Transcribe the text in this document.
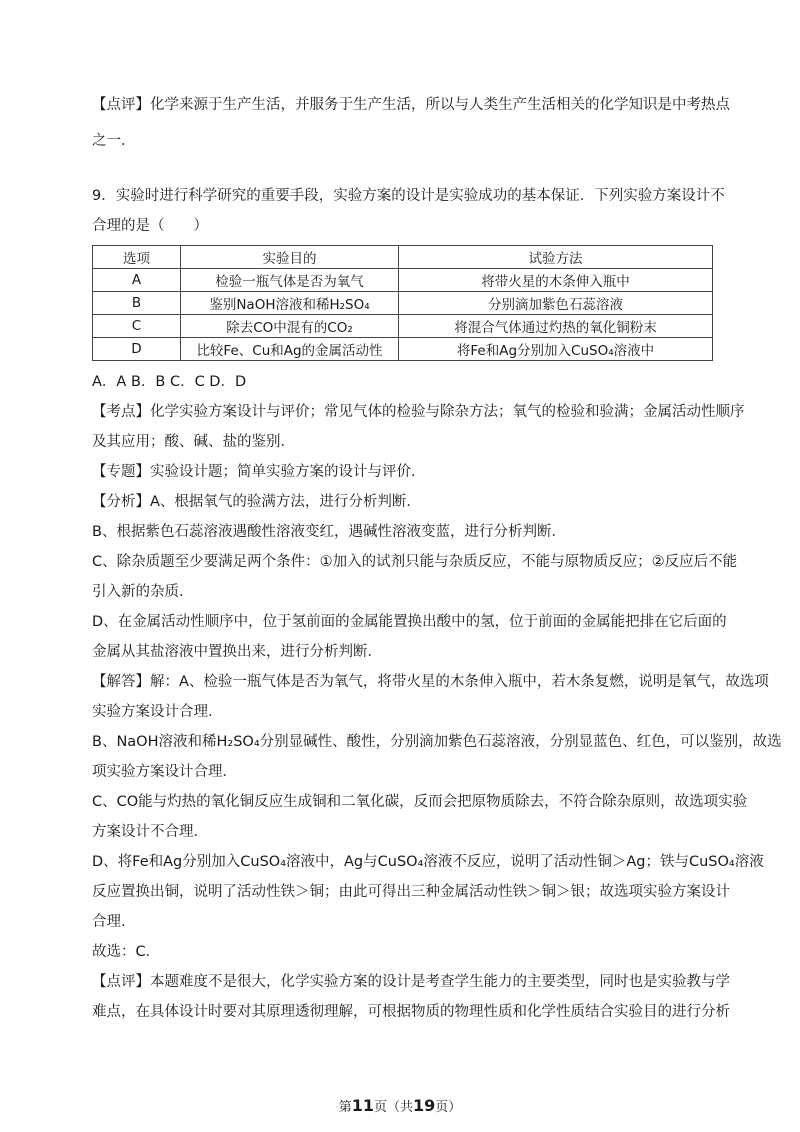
【点评】化学来源于生产生活，并服务于生产生活，所以与人类生产生活相关的化学知识是中考热点
之一．
9．实验时进行科学研究的重要手段，实验方案的设计是实验成功的基本保证．下列实验方案设计不
合理的是（　　）
选项	实验目的	试验方法
A	检验一瓶气体是否为氧气	将带火星的木条伸入瓶中
B	鉴别NaOH溶液和稀H₂SO₄	分别滴加紫色石蕊溶液
C	除去CO中混有的CO₂	将混合气体通过灼热的氧化铜粉末
D	比较Fe、Cu和Ag的金属活动性	将Fe和Ag分别加入CuSO₄溶液中
A．A B．B C．C D．D
【考点】化学实验方案设计与评价；常见气体的检验与除杂方法；氧气的检验和验满；金属活动性顺序
及其应用；酸、碱、盐的鉴别．
【专题】实验设计题；简单实验方案的设计与评价．
【分析】A、根据氧气的验满方法，进行分析判断．
B、根据紫色石蕊溶液遇酸性溶液变红，遇碱性溶液变蓝，进行分析判断．
C、除杂质题至少要满足两个条件：①加入的试剂只能与杂质反应，不能与原物质反应；②反应后不能
引入新的杂质．
D、在金属活动性顺序中，位于氢前面的金属能置换出酸中的氢，位于前面的金属能把排在它后面的
金属从其盐溶液中置换出来，进行分析判断．
【解答】解：A、检验一瓶气体是否为氧气，将带火星的木条伸入瓶中，若木条复燃，说明是氧气，故选项
实验方案设计合理．
B、NaOH溶液和稀H₂SO₄分别显碱性、酸性，分别滴加紫色石蕊溶液，分别显蓝色、红色，可以鉴别，故选
项实验方案设计合理．
C、CO能与灼热的氧化铜反应生成铜和二氧化碳，反而会把原物质除去，不符合除杂原则，故选项实验
方案设计不合理．
D、将Fe和Ag分别加入CuSO₄溶液中，Ag与CuSO₄溶液不反应，说明了活动性铜＞Ag；铁与CuSO₄溶液
反应置换出铜，说明了活动性铁＞铜；由此可得出三种金属活动性铁＞铜＞银；故选项实验方案设计
合理．
故选：C．
【点评】本题难度不是很大，化学实验方案的设计是考查学生能力的主要类型，同时也是实验教与学
难点，在具体设计时要对其原理透彻理解，可根据物质的物理性质和化学性质结合实验目的进行分析
第11页（共19页）
